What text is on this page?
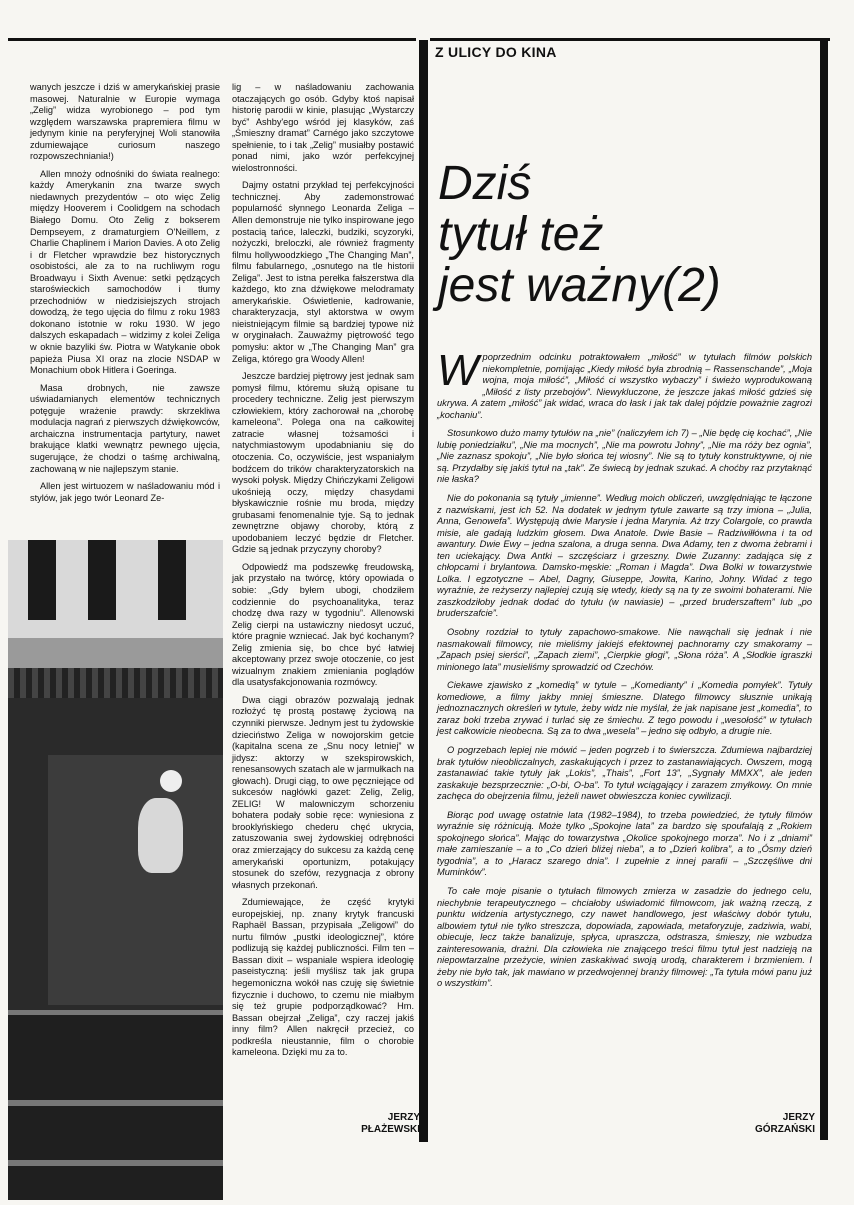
Z ULICY DO KINA

wanych jeszcze i dziś w amerykańskiej prasie masowej. Naturalnie w Europie wymaga „Zelig” widza wyrobionego – pod tym względem warszawska prapremiera filmu w jedynym kinie na peryferyjnej Woli stanowiła zdumiewające curiosum naszego rozpowszechniania!)

Allen mnoży odnośniki do świata realnego: każdy Amerykanin zna twarze swych niedawnych prezydentów – oto więc Zelig między Hooverem i Coolidgem na schodach Białego Domu. Oto Zelig z bokserem Dempseyem, z dramaturgiem O'Neillem, z Charlie Chaplinem i Marion Davies. A oto Zelig i dr Fletcher wprawdzie bez historycznych osobistości, ale za to na ruchliwym rogu Broadwayu i Sixth Avenue: setki pędzących staroświeckich samochodów i tłumy przechodniów w niedzisiejszych strojach dowodzą, że tego ujęcia do filmu z roku 1983 dokonano istotnie w roku 1930. W jego dalszych eskapadach – widzimy z kolei Zeliga w oknie bazyliki św. Piotra w Watykanie obok papieża Piusa XI oraz na zlocie NSDAP w Monachium obok Hitlera i Goeringa.

Masa drobnych, nie zawsze uświadamianych elementów technicznych potęguje wrażenie prawdy: skrzekliwa modulacja nagrań z pierwszych dźwiękowców, archaiczna instrumentacja partytury, nawet brakujące klatki wewnątrz pewnego ujęcia, sugerujące, że chodzi o taśmę archiwalną, zachowaną w nie najlepszym stanie.

Allen jest wirtuozem w naśladowaniu mód i stylów, jak jego twór Leonard Ze-

lig – w naśladowaniu zachowania otaczających go osób. Gdyby ktoś napisał historię parodii w kinie, plasując „Wystarczy być” Ashby'ego wśród jej klasyków, zaś „Śmieszny dramat” Carnégo jako szczytowe spełnienie, to i tak „Zelig” musiałby postawić ponad nimi, jako wzór perfekcyjnej wielostronności.

Dajmy ostatni przykład tej perfekcyjności technicznej. Aby zademonstrować popularność słynnego Leonarda Zeliga – Allen demonstruje nie tylko inspirowane jego postacią tańce, laleczki, budziki, scyzoryki, nożyczki, breloczki, ale również fragmenty filmu hollywoodzkiego „The Changing Man”, filmu fabularnego, „osnutego na tle historii Zeliga”. Jest to istna perełka fałszerstwa dla każdego, kto zna dźwiękowe melodramaty amerykańskie. Oświetlenie, kadrowanie, charakteryzacja, styl aktorstwa w owym nieistniejącym filmie są bardziej typowe niż w oryginałach. Zauważmy piętrowość tego pomysłu: aktor w „The Changing Man” gra Zeliga, którego gra Woody Allen!

Jeszcze bardziej piętrowy jest jednak sam pomysł filmu, któremu służą opisane tu procedery techniczne. Zelig jest pierwszym człowiekiem, który zachorował na „chorobę kameleona”. Polega ona na całkowitej zatracie własnej tożsamości i natychmiastowym upodabnianiu się do otoczenia. Co, oczywiście, jest wspaniałym bodźcem do trików charakteryzatorskich na wysoki połysk. Między Chińczykami Zeligowi ukośnieją oczy, między chasydami błyskawicznie rośnie mu broda, między grubasami fenomenalnie tyje. Są to jednak zewnętrzne objawy choroby, którą z upodobaniem leczyć będzie dr Fletcher. Gdzie są jednak przyczyny choroby?

Odpowiedź ma podszewkę freudowską, jak przystało na twórcę, który opowiada o sobie: „Gdy byłem ubogi, chodziłem codziennie do psychoanalityka, teraz chodzę dwa razy w tygodniu”. Allenowski Zelig cierpi na ustawiczny niedosyt uczuć, które pragnie wzniecać. Jak być kochanym? Zelig zmienia się, bo chce być łatwiej akceptowany przez swoje otoczenie, co jest wizualnym znakiem zmieniania poglądów dla usatysfakcjonowania rozmówcy.

Dwa ciągi obrazów pozwalają jednak rozłożyć tę prostą postawę życiową na czynniki pierwsze. Jednym jest tu żydowskie dzieciństwo Zeliga w nowojorskim getcie (kapitalna scena ze „Snu nocy letniej” w jidysz: aktorzy w szekspirowskich, renesansowych szatach ale w jarmułkach na głowach). Drugi ciąg, to owe pęczniejące od sukcesów nagłówki gazet: Zelig, Zelig, ZELIG! W malowniczym schorzeniu bohatera podały sobie ręce: wyniesiona z brooklyńskiego chederu chęć ukrycia, zatuszowania swej żydowskiej odrębności oraz zmierzający do sukcesu za każdą cenę amerykański oportunizm, potakujący stosunek do szefów, rezygnacja z obrony własnych przekonań.

Zdumiewające, że część krytyki europejskiej, np. znany krytyk francuski Raphaël Bassan, przypisała „Zeligowi” do nurtu filmów „pustki ideologicznej”, które podlizują się każdej publiczności. Film ten – Bassan dixit – wspaniale wspiera ideologię paseistyczną: jeśli myślisz tak jak grupa hegemoniczna wokół nas czuję się świetnie fizycznie i duchowo, to czemu nie miałbym się też grupie podporządkować? Hm. Bassan obejrzał „Zeliga”, czy raczej jakiś inny film? Allen nakręcił przecież, co podkreśla nieustannie, film o chorobie kameleona. Dzięki mu za to.

JERZY
PŁAŻEWSKI
Dziś
tytuł też
jest ważny(2)

Wpoprzednim odcinku potraktowałem „miłość” w tytułach filmów polskich niekompletnie, pomijając „Kiedy miłość była zbrodnią – Rassenschande”, „Moja wojna, moja miłość”, „Miłość ci wszystko wybaczy” i świeżo wyprodukowaną „Miłość z listy przebojów”. Niewykluczone, że jeszcze jakaś miłość gdzieś się ukrywa. A zatem „miłość” jak widać, wraca do łask i jak tak dalej pójdzie poważnie zagrozi „kochaniu”.

Stosunkowo dużo mamy tytułów na „nie” (naliczyłem ich 7) – „Nie będę cię kochać”, „Nie lubię poniedziałku”, „Nie ma mocnych”, „Nie ma powrotu Johny”, „Nie ma róży bez ognia”, „Nie zaznasz spokoju”, „Nie było słońca tej wiosny”. Nie są to tytuły konstruktywne, oj nie są. Przydałby się jakiś tytuł na „tak”. Ze świecą by jednak szukać. A choćby raz przytaknąć nie łaska?

Nie do pokonania są tytuły „imienne”. Według moich obliczeń, uwzględniając te łączone z nazwiskami, jest ich 52. Na dodatek w jednym tytule zawarte są trzy imiona – „Julia, Anna, Genowefa”. Występują dwie Marysie i jedna Marynia. Aż trzy Colargole, co prawda misie, ale gadają ludzkim głosem. Dwa Anatole. Dwie Basie – Radziwiłłówna i ta od awantury. Dwie Ewy – jedna szalona, a druga senna. Dwa Adamy, ten z dwoma żebrami i ten uciekający. Dwa Antki – szczęściarz i grzeszny. Dwie Zuzanny: zadająca się z chłopcami i brylantowa. Damsko-męskie: „Roman i Magda”. Dwa Bolki w towarzystwie Lolka. I egzotyczne – Abel, Dagny, Giuseppe, Jowita, Karino, Johny. Widać z tego wyraźnie, że reżyserzy najlepiej czują się wtedy, kiedy są na ty ze swoimi bohaterami. Nie zaszkodziłoby jednak dodać do tytułu (w nawiasie) – „przed bruderszaftem” lub „po bruderszafcie”.

Osobny rozdział to tytuły zapachowo-smakowe. Nie nawąchali się jednak i nie nasmakowali filmowcy, nie mieliśmy jakiejś efektownej pachnoramy czy smakoramy – „Zapach psiej sierści”, „Zapach ziemi”, „Cierpkie głogi”, „Słona róża”. A „Słodkie igraszki minionego lata” musieliśmy sprowadzić od Czechów.

Ciekawe zjawisko z „komedią” w tytule – „Komedianty” i „Komedia pomyłek”. Tytuły komediowe, a filmy jakby mniej śmieszne. Dlatego filmowcy słusznie unikają jednoznacznych określeń w tytule, żeby widz nie myślał, że jak napisane jest „komedia”, to zaraz boki trzeba zrywać i turlać się ze śmiechu. Z tego powodu i „wesołość” w tytułach jest całkowicie nieobecna. Są za to dwa „wesela” – jedno się odbyło, a drugie nie.

O pogrzebach lepiej nie mówić – jeden pogrzeb i to świerszcza. Zdumiewa najbardziej brak tytułów nieobliczalnych, zaskakujących i przez to zastanawiających. Owszem, mogą zastanawiać takie tytuły jak „Lokis”, „Thais”, „Fort 13”, „Sygnały MMXX”, ale jeden zaskakuje bezsprzecznie: „O-bi, O-ba”. To tytuł wciągający i zarazem zmyłkowy. On mnie zachęca do obejrzenia filmu, jeżeli nawet obwieszcza koniec cywilizacji.

Biorąc pod uwagę ostatnie lata (1982–1984), to trzeba powiedzieć, że tytuły filmów wyraźnie się różnicują. Może tylko „Spokojne lata” za bardzo się spoufalają z „Rokiem spokojnego słońca”. Mając do towarzystwa „Okolice spokojnego morza”. No i z „dniami” małe zamieszanie – a to „Co dzień bliżej nieba”, a to „Dzień kolibra”, a to „Ósmy dzień tygodnia”, a to „Haracz szarego dnia”. I zupełnie z innej parafii – „Szczęśliwe dni Muminków”.

To całe moje pisanie o tytułach filmowych zmierza w zasadzie do jednego celu, niechybnie terapeutycznego – chciałoby uświadomić filmowcom, jak ważną rzeczą, z punktu widzenia artystycznego, czy nawet handlowego, jest właściwy dobór tytułu, albowiem tytuł nie tylko streszcza, dopowiada, zapowiada, metaforyzuje, zadziwia, wabi, obiecuje, lecz także banalizuje, spłyca, upraszcza, odstrasza, śmieszy, nie wzbudza zainteresowania, drażni. Dla człowieka nie znającego treści filmu tytuł jest nadzieją na niepowtarzalne przeżycie, winien zaskakiwać swoją urodą, charakterem i brzmieniem. I żeby nie było tak, jak mawiano w przedwojennej branży filmowej: „Ta tytuła mówi panu już o wszystkim”.

JERZY
GÓRZAŃSKI
